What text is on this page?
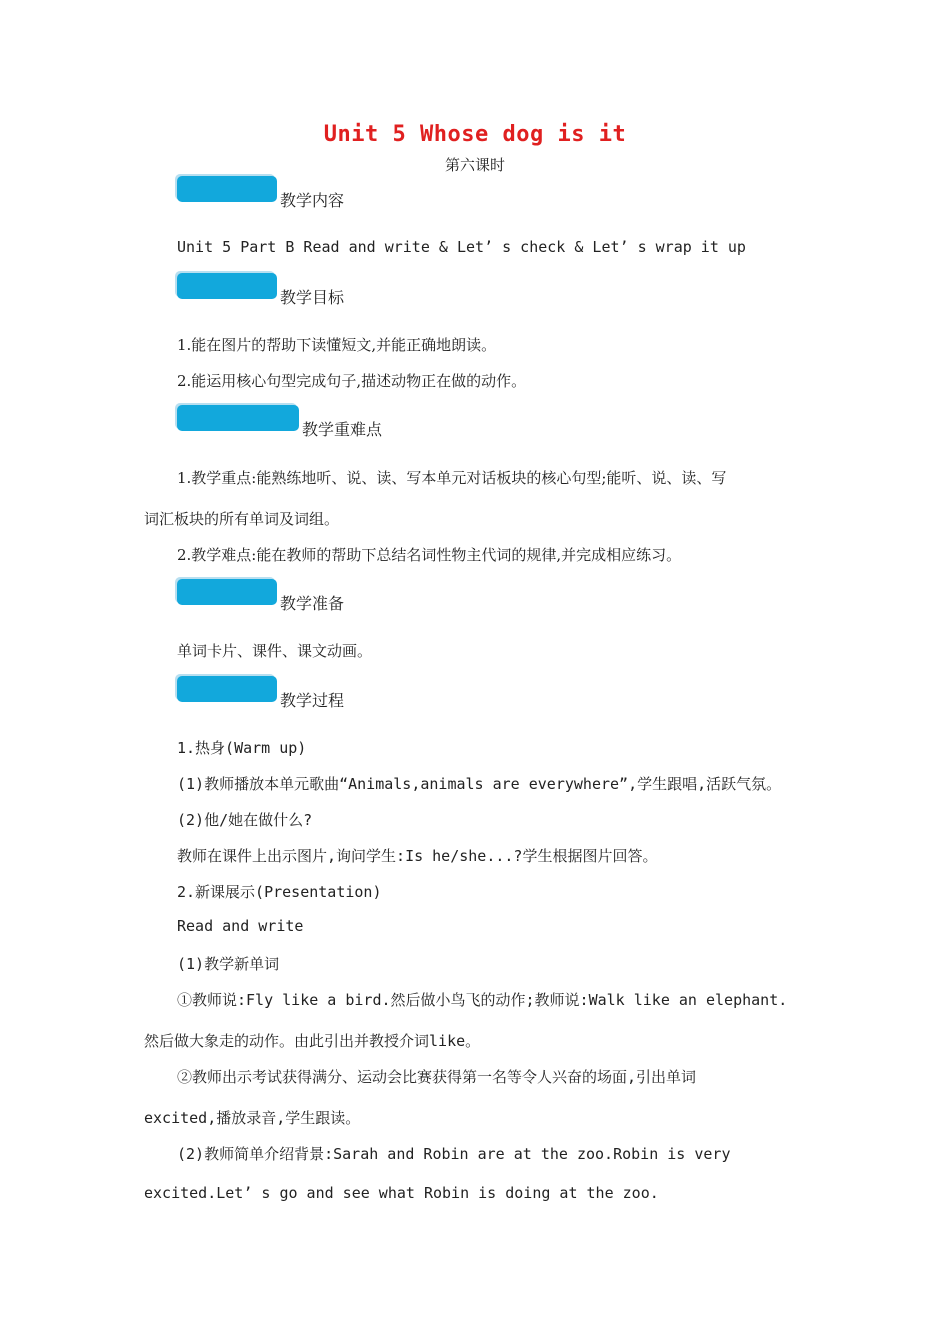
Unit 5 Whose dog is it
第六课时
教学内容
Unit 5 Part B Read and write & Let’ s check & Let’ s wrap it up
教学目标
1.能在图片的帮助下读懂短文,并能正确地朗读。
2.能运用核心句型完成句子,描述动物正在做的动作。
教学重难点
1.教学重点:能熟练地听、说、读、写本单元对话板块的核心句型;能听、说、读、写
词汇板块的所有单词及词组。
2.教学难点:能在教师的帮助下总结名词性物主代词的规律,并完成相应练习。
教学准备
单词卡片、课件、课文动画。
教学过程
1.热身(Warm up)
(1)教师播放本单元歌曲“Animals,animals are everywhere”,学生跟唱,活跃气氛。
(2)他/她在做什么?
教师在课件上出示图片,询问学生:Is he/she...?学生根据图片回答。
2.新课展示(Presentation)
Read and write
(1)教学新单词
①教师说:Fly like a bird.然后做小鸟飞的动作;教师说:Walk like an elephant.
然后做大象走的动作。由此引出并教授介词like。
②教师出示考试获得满分、运动会比赛获得第一名等令人兴奋的场面,引出单词
excited,播放录音,学生跟读。
(2)教师简单介绍背景:Sarah and Robin are at the zoo.Robin is very
excited.Let’ s go and see what Robin is doing at the zoo.
